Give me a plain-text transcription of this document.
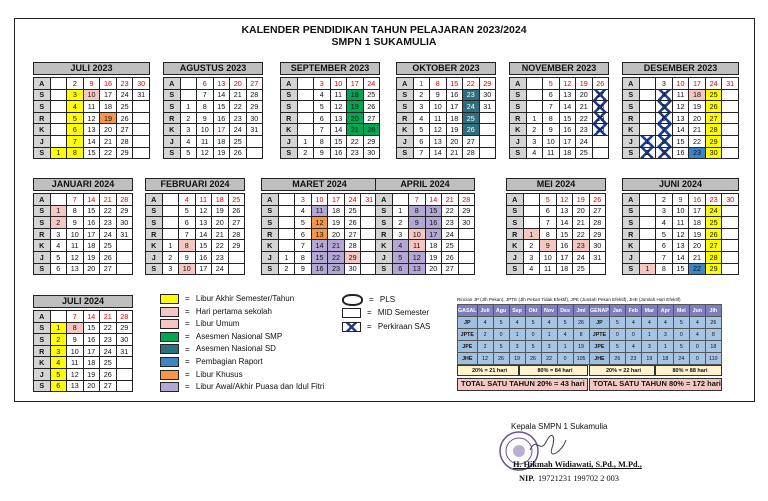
KALENDER PENDIDIKAN TAHUN PELAJARAN 2023/2024
SMPN 1 SUKAMULIA
JULI 2023
A		2	9	16	23	30
S		3	10	17	24	31
S		4	11	18	25	
R		5	12	19	26	
K		6	13	20	27	
J		7	14	21	28	
S	1	8	15	22	29	
AGUSTUS 2023
A		6	13	20	27
S		7	14	21	28
S	1	8	15	22	29
R	2	9	16	23	30
K	3	10	17	24	31
J	4	11	18	25	
S	5	12	19	26	
SEPTEMBER 2023
A		3	10	17	24
S		4	11	18	25
S		5	12	19	26
R		6	13	20	27
K		7	14	21	28
J	1	8	15	22	29
S	2	9	16	23	30
OKTOBER 2023
A	1	8	15	22	29
S	2	9	16	23	30
S	3	10	17	24	31
R	4	11	18	25	
K	5	12	19	26	
J	6	13	20	27	
S	7	14	21	28	
NOVEMBER 2023
A		5	12	19	26
S		6	13	20	27
S		7	14	21	28
R	1	8	15	22	29
K	2	9	16	23	30
J	3	10	17	24	
S	4	11	18	25	
DESEMBER 2023
A		3	10	17	24	31
S		4	11	18	25	
S		5	12	19	26	
R		6	13	20	27	
K		7	14	21	28	
J	1	8	15	22	29	
S	2	9	16	23	30	
JANUARI 2024
A		7	14	21	28
S	1	8	15	22	29
S	2	9	16	23	30
R	3	10	17	24	31
K	4	11	18	25	
J	5	12	19	26	
S	6	13	20	27	
FEBRUARI 2024
A		4	11	18	25
S		5	12	19	26
S		6	13	20	27
R		7	14	21	28
K	1	8	15	22	29
J	2	9	16	23	
S	3	10	17	24	
MARET 2024
A		3	10	17	24	31
S		4	11	18	25	
S		5	12	19	26	
R		6	13	20	27	
K		7	14	21	28	
J	1	8	15	22	29	
S	2	9	16	23	30	
APRIL 2024
A		7	14	21	28
S	1	8	15	22	29
S	2	9	16	23	30
R	3	10	17	24	
K	4	11	18	25	
J	5	12	19	26	
S	6	13	20	27	
MEI 2024
A		5	12	19	26
S		6	13	20	27
S		7	14	21	28
R	1	8	15	22	29
K	2	9	16	23	30
J	3	10	17	24	31
S	4	11	18	25	
JUNI 2024
A		2	9	16	23	30
S		3	10	17	24	
S		4	11	18	25	
R		5	12	19	26	
K		6	13	20	27	
J		7	14	21	28	
S	1	8	15	22	29	
JULI 2024
A		7	14	21	28
S	1	8	15	22	29
S	2	9	16	23	30
R	3	10	17	24	31
K	4	11	18	25	
J	5	12	19	26	
S	6	13	20	27	
= Libur Akhir Semester/Tahun
= Hari pertama sekolah
= Libur Umum
= Asesmen Nasional SMP
= Asesmen Nasional SD
= Pembagian Raport
= Libur Khusus
= Libur Awal/Akhir Puasa dan Idul Fitri
= PLS
= MID Semester
= Perkiraan SAS
Rincian JP (Jlh Pekan), JPTE (Jlh Pekan Tidak Efektif), JPE (Jumlah Pekan Efektif), JHE (Jumlah Hari Efektif)
GASAL	Juli	Agu	Sep	Okt	Nov	Des	Jml
JP	4	5	4	5	4	5	26
JPTE	2	0	1	0	1	4	8
JPE	2	5	3	5	3	1	19
JHE	12	26	19	26	22	0	105
GENAP	Jan	Feb	Mar	Apr	Mei	Jun	Jlh
JP	5	4	4	4	5	4	26
JPTE	0	0	1	3	0	4	8
JPE	5	4	3	1	5	0	18
JHE	26	23	19	18	24	0	110
20% = 21 hari	80% = 84 hari	20% = 22 hari	80% = 88 hari
TOTAL SATU TAHUN 20% = 43 hari	TOTAL SATU TAHUN 80% = 172 hari
Kepala SMPN 1 Sukamulia
H. Hikmah Widiawati, S.Pd., M.Pd.,
NIP. 19721231 199702 2 003
